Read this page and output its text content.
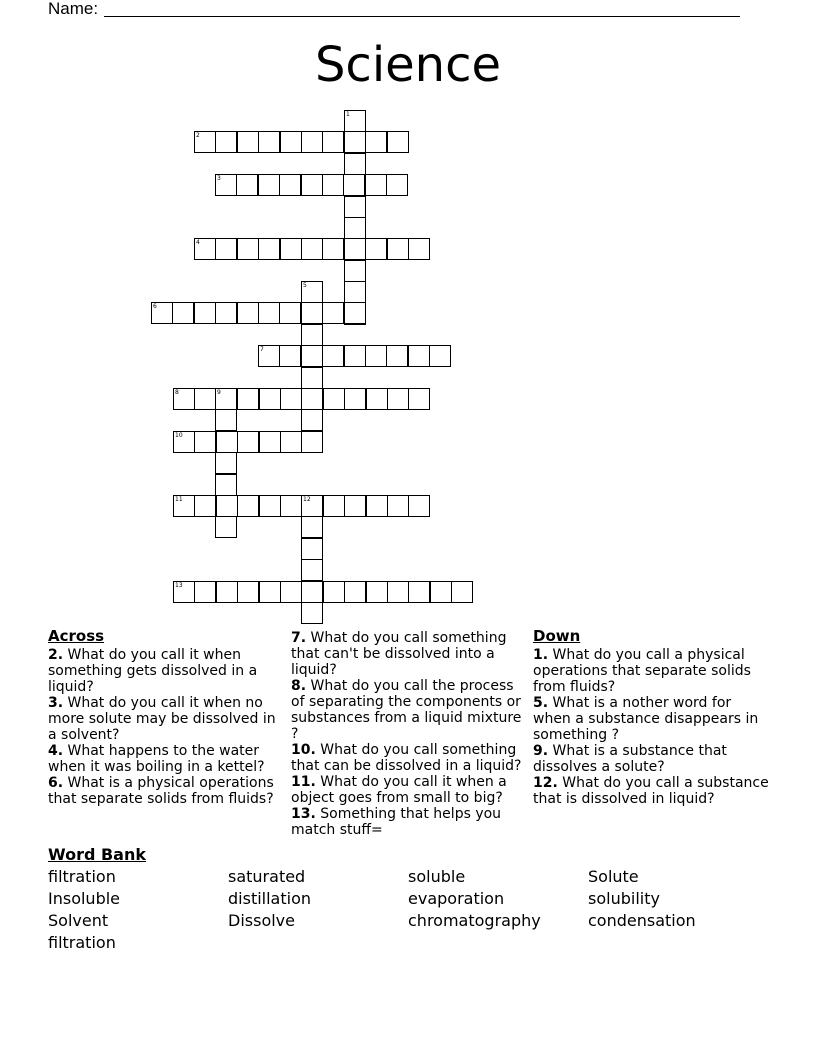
Name:
Science
1
2
3
4
5
6
7
8	9
10
11	12
13
Across
2. What do you call it when something gets dissolved in a liquid?
3. What do you call it when no more solute may be dissolved in a solvent?
4. What happens to the water when it was boiling in a kettel?
6. What is a physical operations that separate solids from fluids?
7. What do you call something that can't be dissolved into a liquid?
8. What do you call the process of separating the components or substances from a liquid mixture ?
10. What do you call something that can be dissolved in a liquid?
11. What do you call it when a object goes from small to big?
13. Something that helps you match stuff=
Down
1. What do you call a physical operations that separate solids from fluids?
5. What is a nother word for when a substance disappears in something ?
9. What is a substance that dissolves a solute?
12. What do you call a substance that is dissolved in liquid?
Word Bank
filtration	saturated	soluble	Solute
Insoluble	distillation	evaporation	solubility
Solvent	Dissolve	chromatography	condensation
filtration
